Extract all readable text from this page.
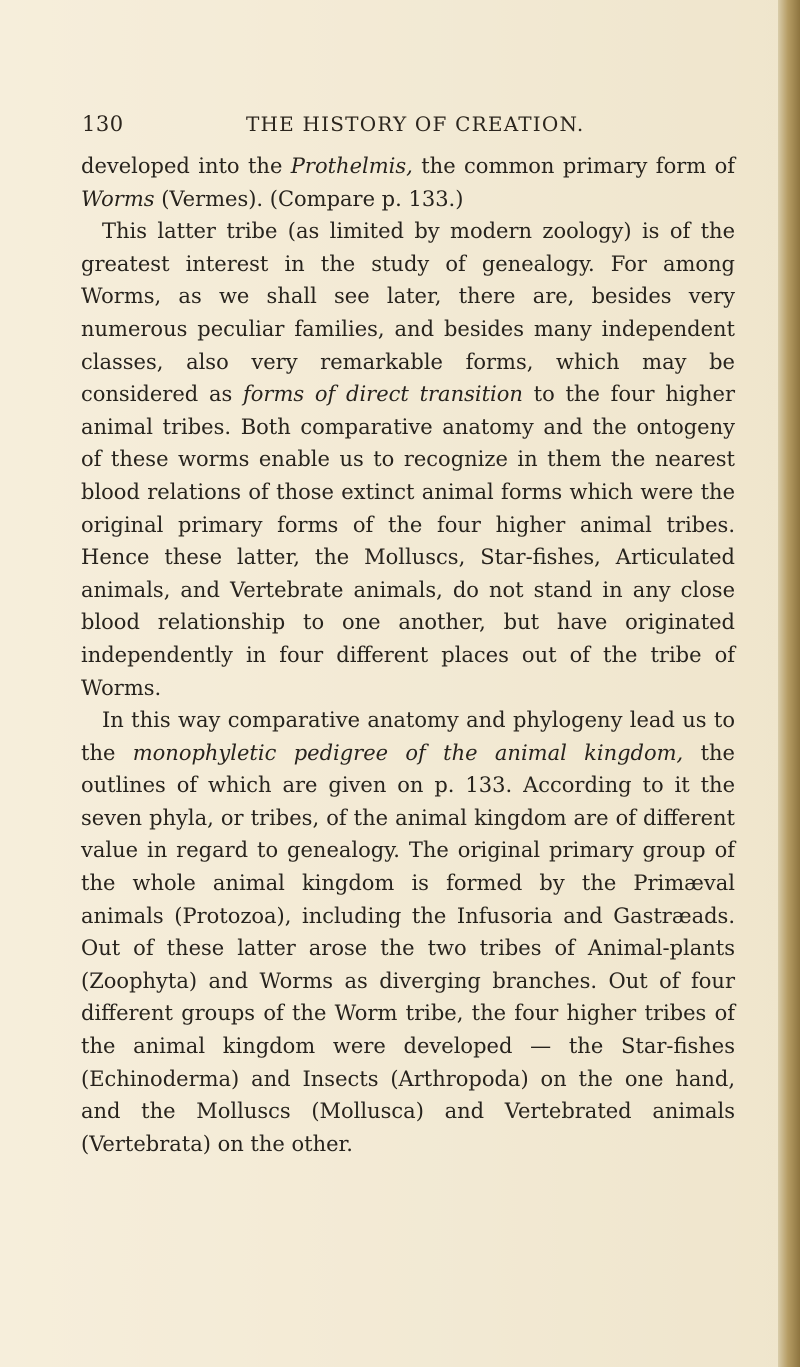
130	THE HISTORY OF CREATION.

developed into the Prothelmis, the common primary form of Worms (Vermes). (Compare p. 133.)

This latter tribe (as limited by modern zoology) is of the greatest interest in the study of genealogy. For among Worms, as we shall see later, there are, besides very numerous peculiar families, and besides many independent classes, also very remarkable forms, which may be considered as forms of direct transition to the four higher animal tribes. Both comparative anatomy and the ontogeny of these worms enable us to recognize in them the nearest blood relations of those extinct animal forms which were the original primary forms of the four higher animal tribes. Hence these latter, the Molluscs, Star-fishes, Articulated animals, and Vertebrate animals, do not stand in any close blood relationship to one another, but have originated independently in four different places out of the tribe of Worms.

In this way comparative anatomy and phylogeny lead us to the monophyletic pedigree of the animal kingdom, the outlines of which are given on p. 133. According to it the seven phyla, or tribes, of the animal kingdom are of different value in regard to genealogy. The original primary group of the whole animal kingdom is formed by the Primæval animals (Protozoa), including the Infusoria and Gastræads. Out of these latter arose the two tribes of Animal-plants (Zoophyta) and Worms as diverging branches. Out of four different groups of the Worm tribe, the four higher tribes of the animal kingdom were developed — the Star-fishes (Echinoderma) and Insects (Arthropoda) on the one hand, and the Molluscs (Mollusca) and Vertebrated animals (Vertebrata) on the other.
